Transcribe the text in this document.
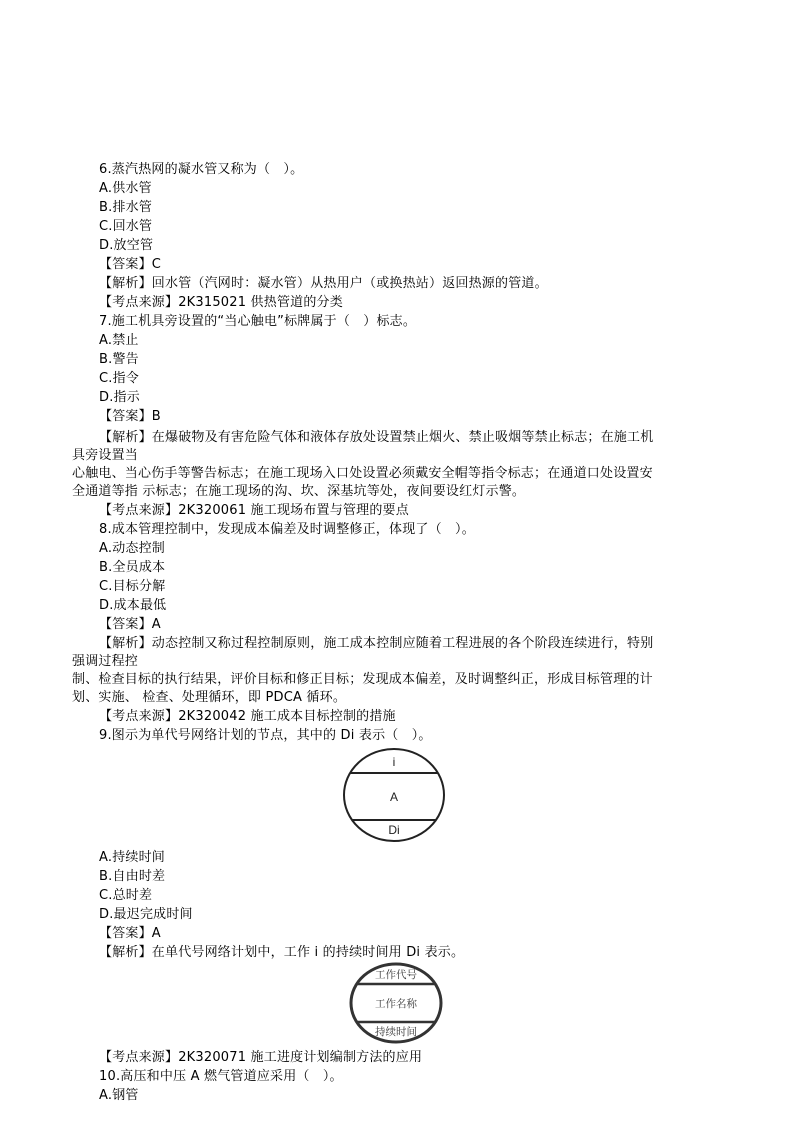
6.蒸汽热网的凝水管又称为（　）。
A.供水管
B.排水管
C.回水管
D.放空管
【答案】C
【解析】回水管（汽网时：凝水管）从热用户（或换热站）返回热源的管道。
【考点来源】2K315021 供热管道的分类
7.施工机具旁设置的“当心触电”标牌属于（　）标志。
A.禁止
B.警告
C.指令
D.指示
【答案】B
【解析】在爆破物及有害危险气体和液体存放处设置禁止烟火、禁止吸烟等禁止标志；在施工机
具旁设置当
心触电、当心伤手等警告标志；在施工现场入口处设置必须戴安全帽等指令标志；在通道口处设置安
全通道等指 示标志；在施工现场的沟、坎、深基坑等处，夜间要设红灯示警。
【考点来源】2K320061 施工现场布置与管理的要点
8.成本管理控制中，发现成本偏差及时调整修正，体现了（　）。
A.动态控制
B.全员成本
C.目标分解
D.成本最低
【答案】A
【解析】动态控制又称过程控制原则，施工成本控制应随着工程进展的各个阶段连续进行，特别
强调过程控
制、检查目标的执行结果，评价目标和修正目标；发现成本偏差，及时调整纠正，形成目标管理的计
划、实施、 检查、处理循环，即 PDCA 循环。
【考点来源】2K320042 施工成本目标控制的措施
9.图示为单代号网络计划的节点，其中的 Di 表示（　）。
i
A
Di
A.持续时间
B.自由时差
C.总时差
D.最迟完成时间
【答案】A
【解析】在单代号网络计划中，工作 i 的持续时间用 Di 表示。
工作代号
工作名称
持续时间
【考点来源】2K320071 施工进度计划编制方法的应用
10.高压和中压 A 燃气管道应采用（　）。
A.钢管
